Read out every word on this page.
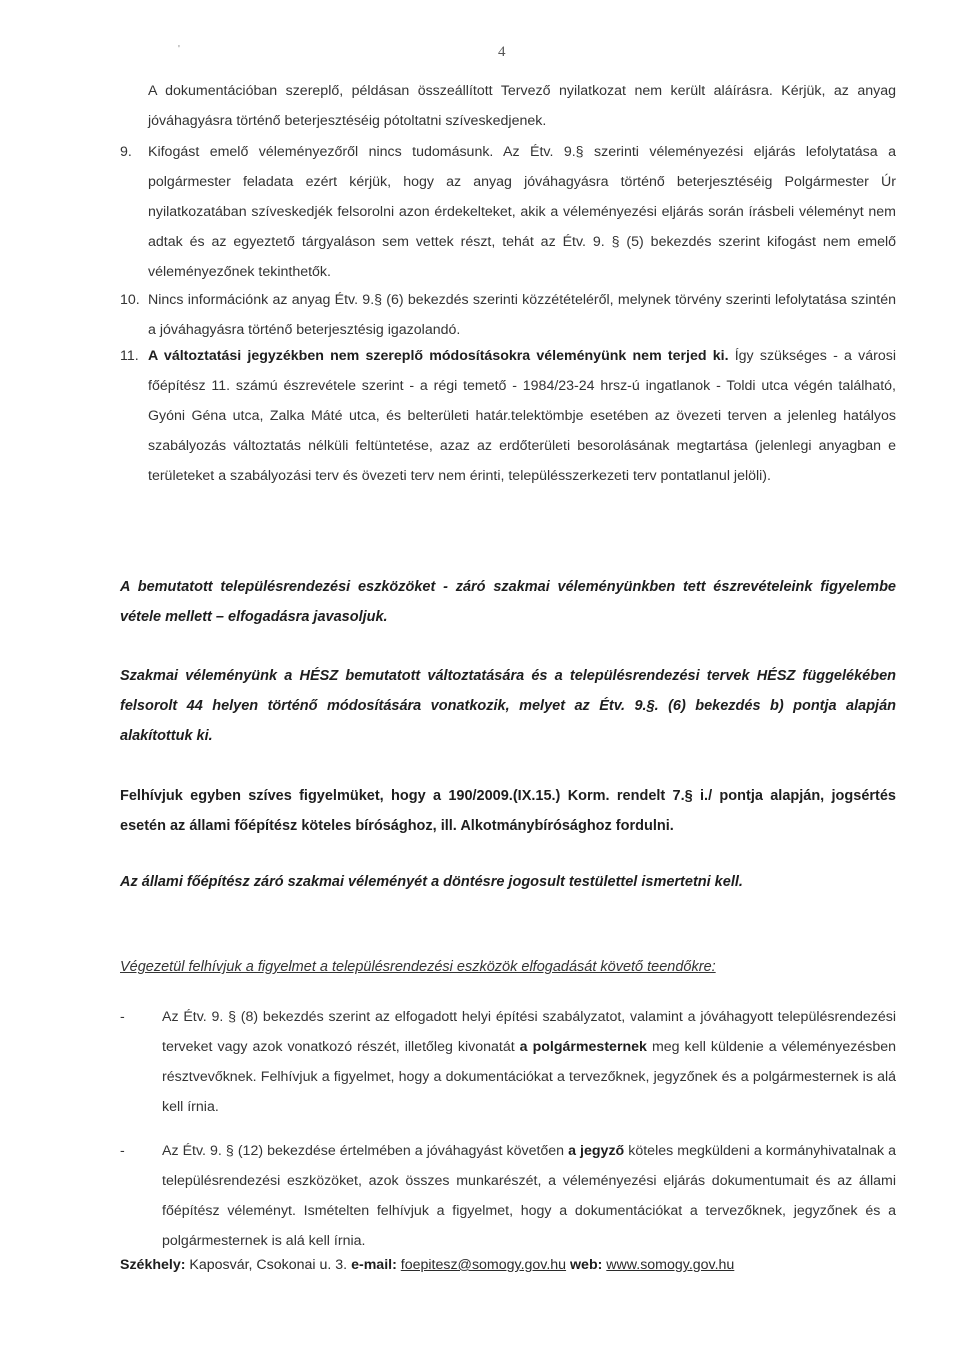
'	4

A dokumentációban szereplő, példásan összeállított Tervező nyilatkozat nem került aláírásra. Kérjük, az anyag jóváhagyásra történő beterjesztéséig pótoltatni szíveskedjenek.

9.	Kifogást emelő véleményezőről nincs tudomásunk. Az Étv. 9.§ szerinti véleményezési eljárás lefolytatása a polgármester feladata ezért kérjük, hogy az anyag jóváhagyásra történő beterjesztéséig Polgármester Úr nyilatkozatában szíveskedjék felsorolni azon érdekelteket, akik a véleményezési eljárás során írásbeli véleményt nem adtak és az egyeztető tárgyaláson sem vettek részt, tehát az Étv. 9. § (5) bekezdés szerint kifogást nem emelő véleményezőnek tekinthetők.
10. Nincs információnk az anyag Étv. 9.§ (6) bekezdés szerinti közzétételéről, melynek törvény szerinti lefolytatása szintén a jóváhagyásra történő beterjesztésig igazolandó.
11. A változtatási jegyzékben nem szereplő módosításokra véleményünk nem terjed ki. Így szükséges - a városi főépítész 11. számú észrevétele szerint - a régi temető - 1984/23-24 hrsz-ú ingatlanok - Toldi utca végén található, Gyóni Géna utca, Zalka Máté utca, és belterületi határ.telektömbje esetében az övezeti terven a jelenleg hatályos szabályozás változtatás nélküli feltüntetése, azaz az erdőterületi besorolásának megtartása (jelenlegi anyagban e területeket a szabályozási terv és övezeti terv nem érinti, településszerkezeti terv pontatlanul jelöli).

A bemutatott településrendezési eszközöket - záró szakmai véleményünkben tett észrevételeink figyelembe vétele mellett – elfogadásra javasoljuk.

Szakmai véleményünk a HÉSZ bemutatott változtatására és a településrendezési tervek HÉSZ függelékében felsorolt 44 helyen történő módosítására vonatkozik, melyet az Étv. 9.§. (6) bekezdés b) pontja alapján alakítottuk ki.

Felhívjuk egyben szíves figyelmüket, hogy a 190/2009.(IX.15.) Korm. rendelt 7.§ i./ pontja alapján, jogsértés esetén az állami főépítész köteles bírósághoz, ill. Alkotmánybírósághoz fordulni.

Az állami főépítész záró szakmai véleményét a döntésre jogosult testülettel ismertetni kell.

Végezetül felhívjuk a figyelmet a településrendezési eszközök elfogadását követő teendőkre:

-	Az Étv. 9. § (8) bekezdés szerint az elfogadott helyi építési szabályzatot, valamint a jóváhagyott településrendezési terveket vagy azok vonatkozó részét, illetőleg kivonatát a polgármesternek meg kell küldenie a véleményezésben résztvevőknek. Felhívjuk a figyelmet, hogy a dokumentációkat a tervezőknek, jegyzőnek és a polgármesternek is alá kell írnia.
-	Az Étv. 9. § (12) bekezdése értelmében a jóváhagyást követően a jegyző köteles megküldeni a kormányhivatalnak a településrendezési eszközöket, azok összes munkarészét, a véleményezési eljárás dokumentumait és az állami főépítész véleményt. Ismételten felhívjuk a figyelmet, hogy a dokumentációkat a tervezőknek, jegyzőnek és a polgármesternek is alá kell írnia.
Székhely: Kaposvár, Csokonai u. 3. e-mail: foepitesz@somogy.gov.hu web: www.somogy.gov.hu
